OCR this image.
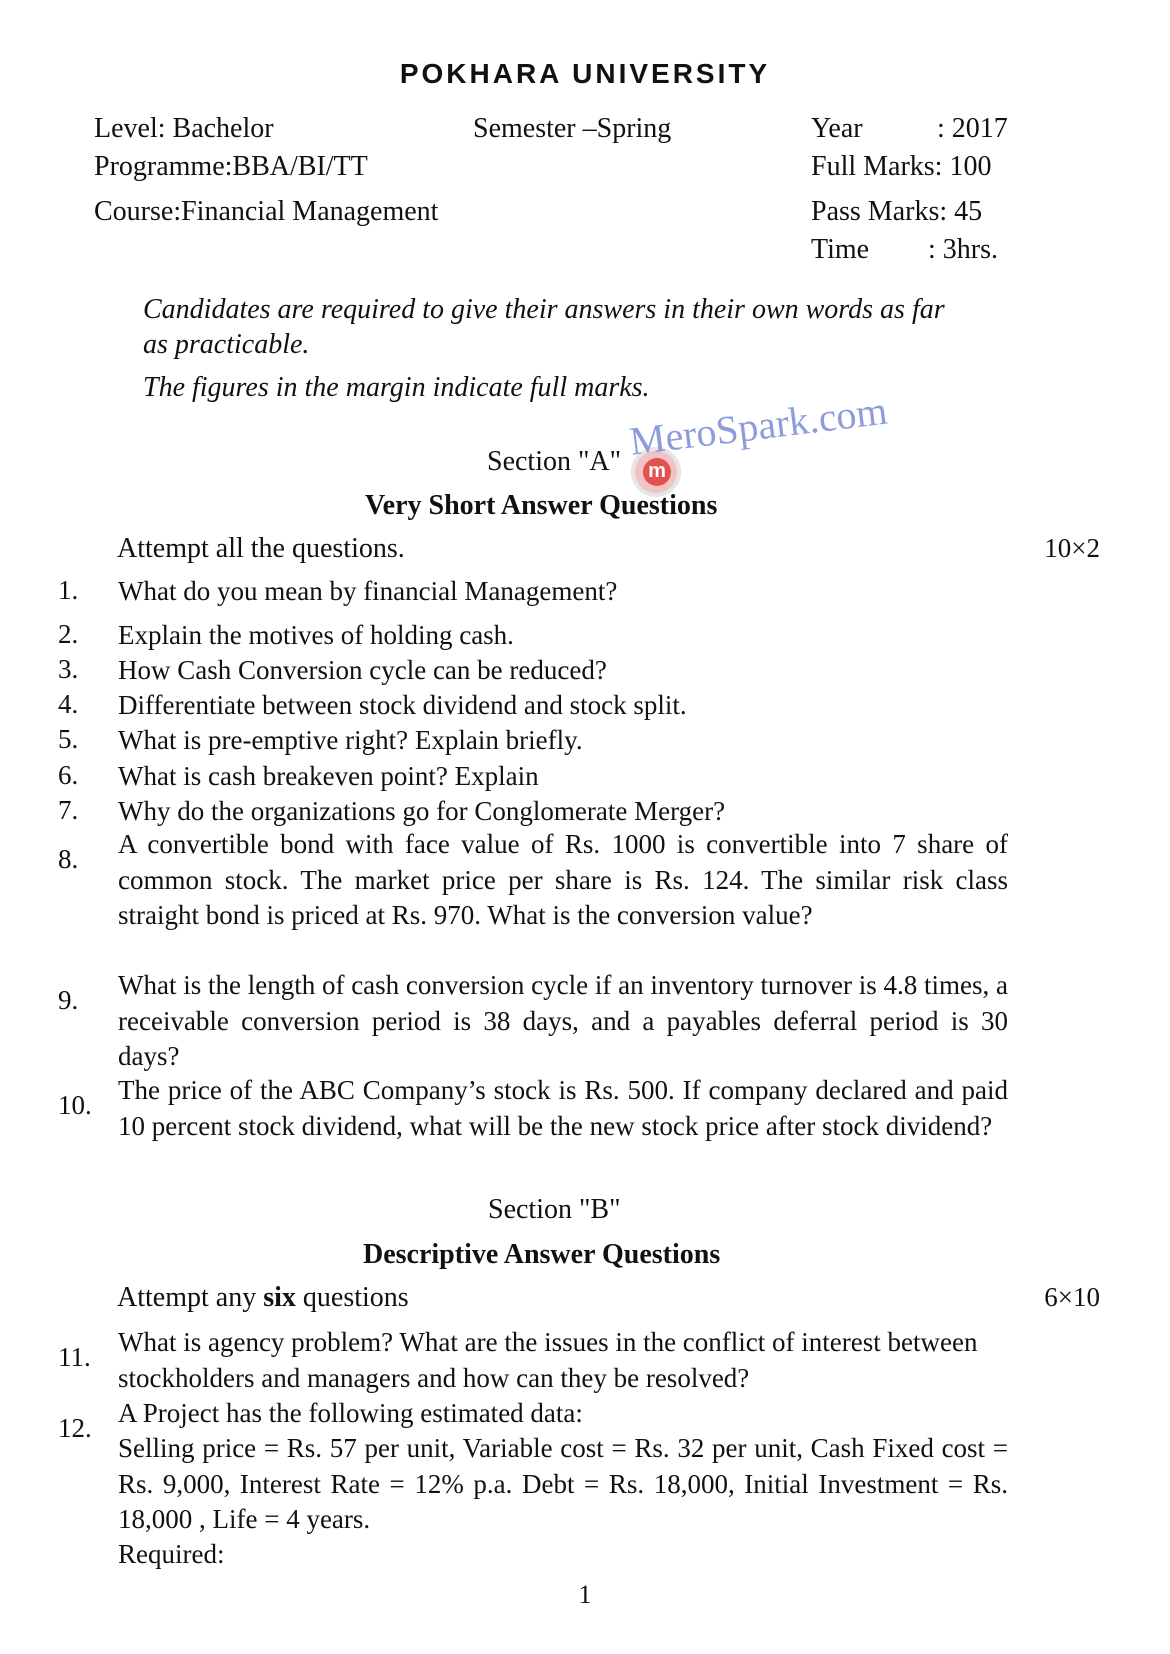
POKHARA UNIVERSITY
Level: Bachelor	Semester –Spring	Year	: 2017
Programme:BBA/BI/TT	Full Marks: 100
Course:Financial Management	Pass Marks: 45
Time : 3hrs.
Candidates are required to give their answers in their own words as far
as practicable.
The figures in the margin indicate full marks.
m
MeroSpark.com
Section "A"
Very Short Answer Questions
Attempt all the questions.	10×2
1. What do you mean by financial Management?
2. Explain the motives of holding cash.
3. How Cash Conversion cycle can be reduced?
4. Differentiate between stock dividend and stock split.
5. What is pre-emptive right? Explain briefly.
6. What is cash breakeven point? Explain
7. Why do the organizations go for Conglomerate Merger?
8. A convertible bond with face value of Rs. 1000 is convertible into 7 share of common stock. The market price per share is Rs. 124. The similar risk class straight bond is priced at Rs. 970. What is the conversion value?
9. What is the length of cash conversion cycle if an inventory turnover is 4.8 times, a receivable conversion period is 38 days, and a payables deferral period is 30 days?
10. The price of the ABC Company’s stock is Rs. 500. If company declared and paid 10 percent stock dividend, what will be the new stock price after stock dividend?
Section "B"
Descriptive Answer Questions
Attempt any six questions	6×10
11. What is agency problem? What are the issues in the conflict of interest between stockholders and managers and how can they be resolved?
12. A Project has the following estimated data:
Selling price = Rs. 57 per unit, Variable cost = Rs. 32 per unit, Cash Fixed cost = Rs. 9,000, Interest Rate = 12% p.a. Debt = Rs. 18,000, Initial Investment = Rs. 18,000 , Life = 4 years.
Required:
1
